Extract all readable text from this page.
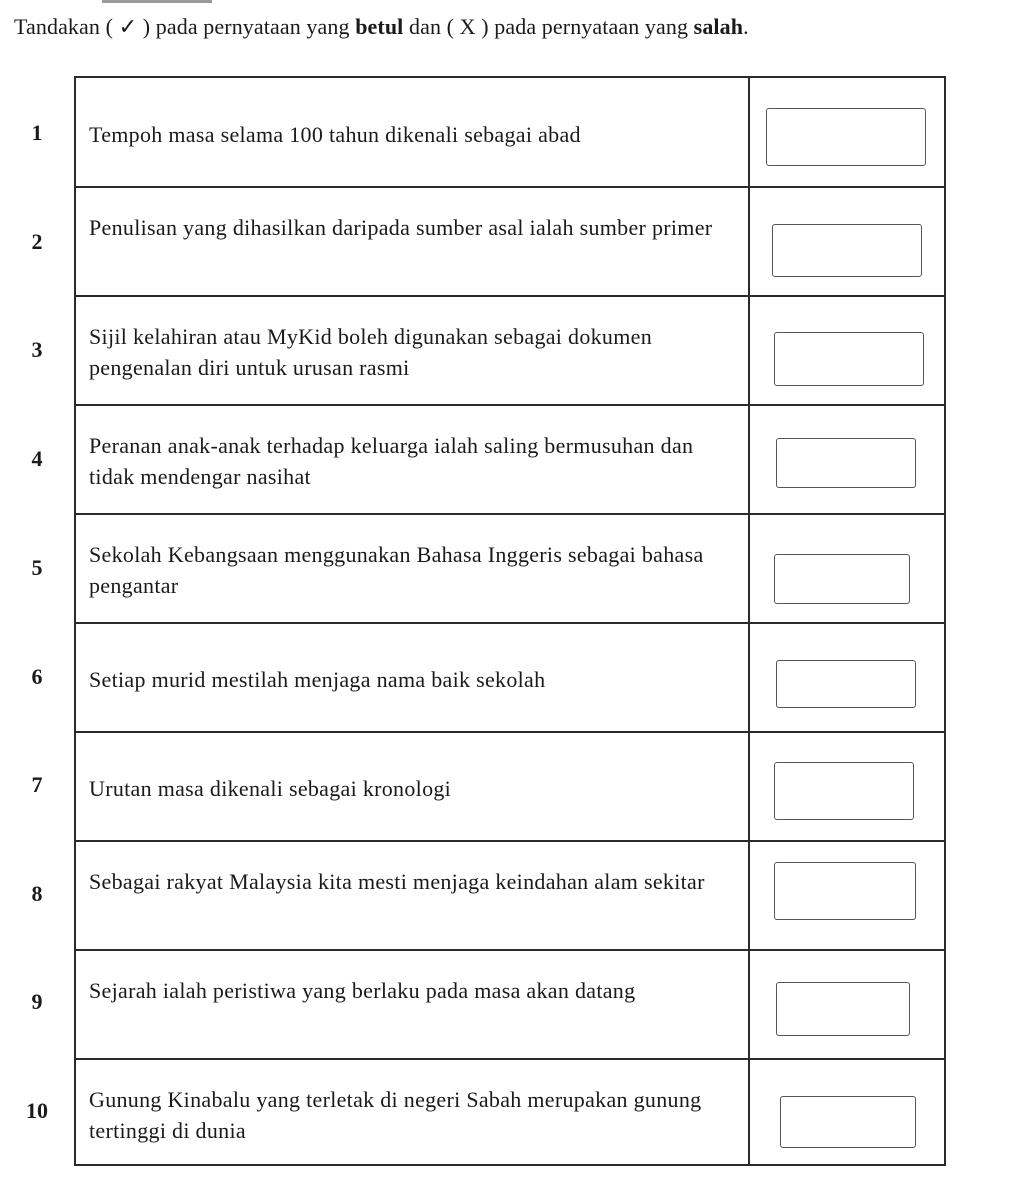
Tandakan ( ✓ ) pada pernyataan yang betul dan ( X ) pada pernyataan yang salah.
1
2
3
4
5
6
7
8
9
10
Tempoh masa selama 100 tahun dikenali sebagai abad
Penulisan yang dihasilkan daripada sumber asal ialah sumber primer
Sijil kelahiran atau MyKid boleh digunakan sebagai dokumen pengenalan diri untuk urusan rasmi
Peranan anak-anak terhadap keluarga ialah saling bermusuhan dan tidak mendengar nasihat
Sekolah Kebangsaan menggunakan Bahasa Inggeris sebagai bahasa pengantar
Setiap murid mestilah menjaga nama baik sekolah
Urutan masa dikenali sebagai kronologi
Sebagai rakyat Malaysia kita mesti menjaga keindahan alam sekitar
Sejarah ialah peristiwa yang berlaku pada masa akan datang
Gunung Kinabalu yang terletak di negeri Sabah merupakan gunung tertinggi di dunia
